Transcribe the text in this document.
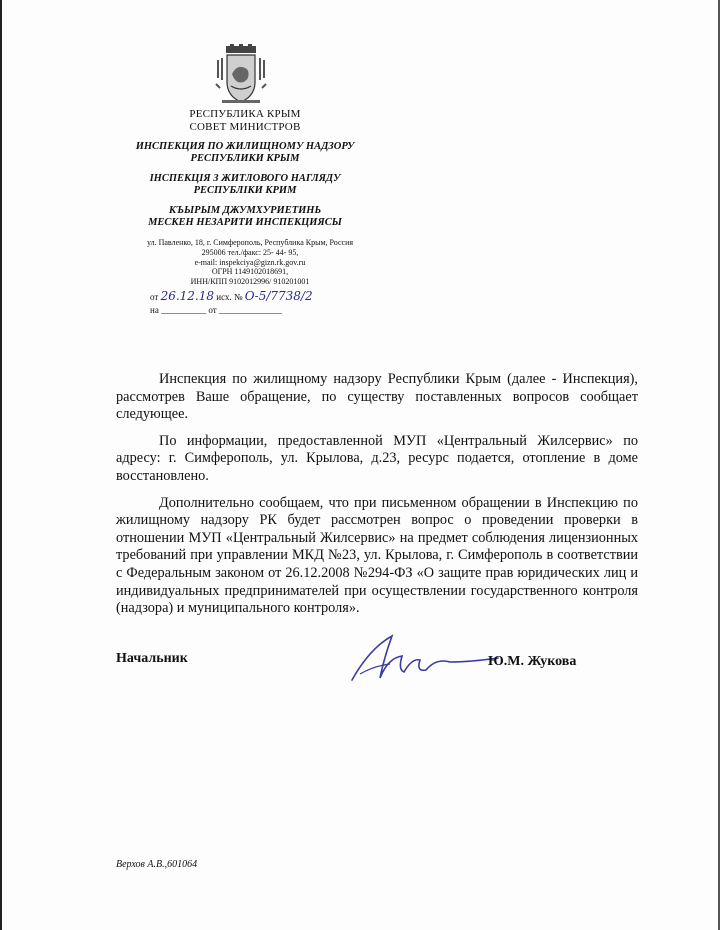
РЕСПУБЛИКА КРЫМ
СОВЕТ МИНИСТРОВ
ИНСПЕКЦИЯ ПО ЖИЛИЩНОМУ НАДЗОРУ
РЕСПУБЛИКИ КРЫМ
ІНСПЕКЦІЯ З ЖИТЛОВОГО НАГЛЯДУ
РЕСПУБЛІКИ КРИМ
КЪЫРЫМ ДЖУМХУРИЕТИНЬ
МЕСКЕН НЕЗАРИТИ ИНСПЕКЦИЯСЫ
ул. Павленко, 18, г. Симферополь, Республика Крым, Россия
295006 тел./факс: 25- 44- 95,
e-mail: inspekciya@gizn.rk.gov.ru
ОГРН 1149102018691,
ИНН/КПП 9102012996/ 910201001
от 26.12.18 исх. № О-5/7738/2
на __________ от ______________

Инспекция по жилищному надзору Республики Крым (далее - Инспекция), рассмотрев Ваше обращение, по существу поставленных вопросов сообщает следующее.

По информации, предоставленной МУП «Центральный Жилсервис» по адресу: г. Симферополь, ул. Крылова, д.23, ресурс подается, отопление в доме восстановлено.

Дополнительно сообщаем, что при письменном обращении в Инспекцию по жилищному надзору РК будет рассмотрен вопрос о проведении проверки в отношении МУП «Центральный Жилсервис» на предмет соблюдения лицензионных требований при управлении МКД №23, ул. Крылова, г. Симферополь в соответствии с Федеральным законом от 26.12.2008 №294-ФЗ «О защите прав юридических лиц и индивидуальных предпринимателей при осуществлении государственного контроля (надзора) и муниципального контроля».

Начальник	Ю.М. Жукова
Верхов А.В.,601064
